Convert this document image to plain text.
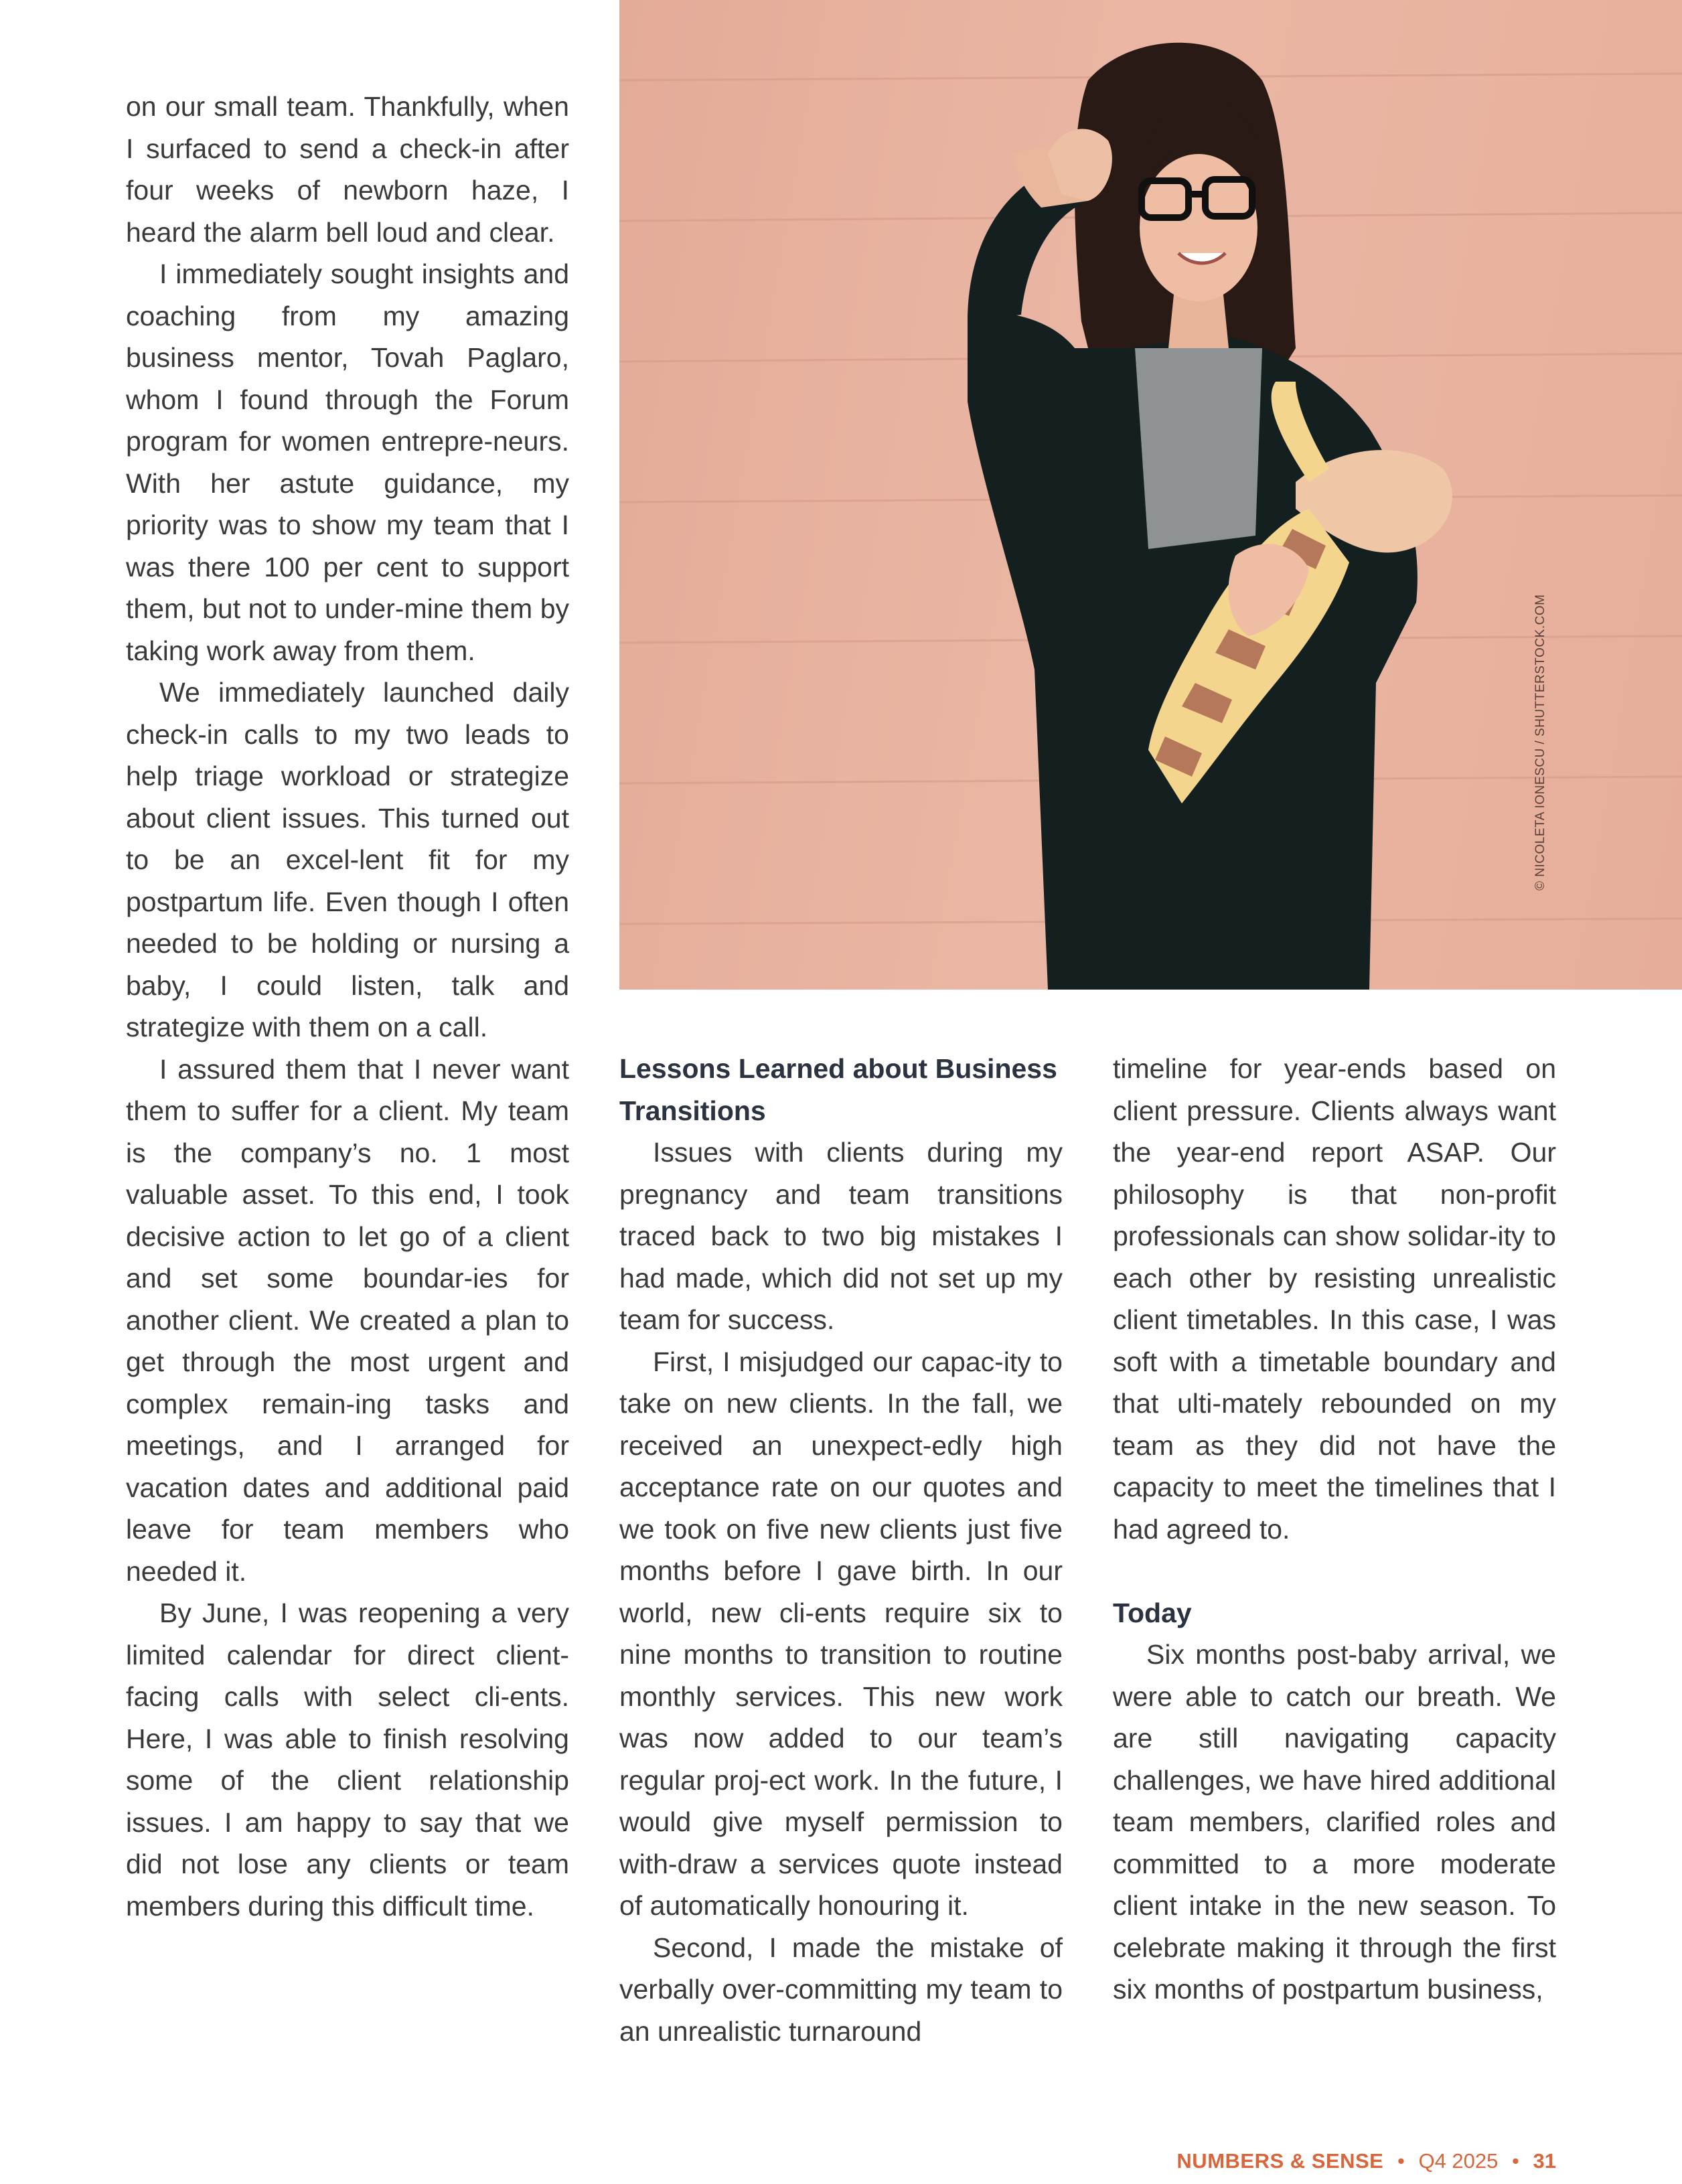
on our small team. Thankfully, when I surfaced to send a check-in after four weeks of newborn haze, I heard the alarm bell loud and clear.

I immediately sought insights and coaching from my amazing business mentor, Tovah Paglaro, whom I found through the Forum program for women entrepre-neurs. With her astute guidance, my priority was to show my team that I was there 100 per cent to support them, but not to under-mine them by taking work away from them.

We immediately launched daily check-in calls to my two leads to help triage workload or strategize about client issues. This turned out to be an excel-lent fit for my postpartum life. Even though I often needed to be holding or nursing a baby, I could listen, talk and strategize with them on a call.

I assured them that I never want them to suffer for a client. My team is the company’s no. 1 most valuable asset. To this end, I took decisive action to let go of a client and set some boundar-ies for another client. We created a plan to get through the most urgent and complex remain-ing tasks and meetings, and I arranged for vacation dates and additional paid leave for team members who needed it.

By June, I was reopening a very limited calendar for direct client-facing calls with select cli-ents. Here, I was able to finish resolving some of the client relationship issues. I am happy to say that we did not lose any clients or team members during this difficult time.

© NICOLETA IONESCU / SHUTTERSTOCK.COM
Lessons Learned about Business Transitions

Issues with clients during my pregnancy and team transitions traced back to two big mistakes I had made, which did not set up my team for success.

First, I misjudged our capac-ity to take on new clients. In the fall, we received an unexpect-edly high acceptance rate on our quotes and we took on five new clients just five months before I gave birth. In our world, new cli-ents require six to nine months to transition to routine monthly services. This new work was now added to our team’s regular proj-ect work. In the future, I would give myself permission to with-draw a services quote instead of automatically honouring it.

Second, I made the mistake of verbally over-committing my team to an unrealistic turnaround

timeline for year-ends based on client pressure. Clients always want the year-end report ASAP. Our philosophy is that non-profit professionals can show solidar-ity to each other by resisting unrealistic client timetables. In this case, I was soft with a timetable boundary and that ulti-mately rebounded on my team as they did not have the capacity to meet the timelines that I had agreed to.

Today

Six months post-baby arrival, we were able to catch our breath. We are still navigating capacity challenges, we have hired additional team members, clarified roles and committed to a more moderate client intake in the new season. To celebrate making it through the first six months of postpartum business,

NUMBERS & SENSE • Q4 2025 • 31
